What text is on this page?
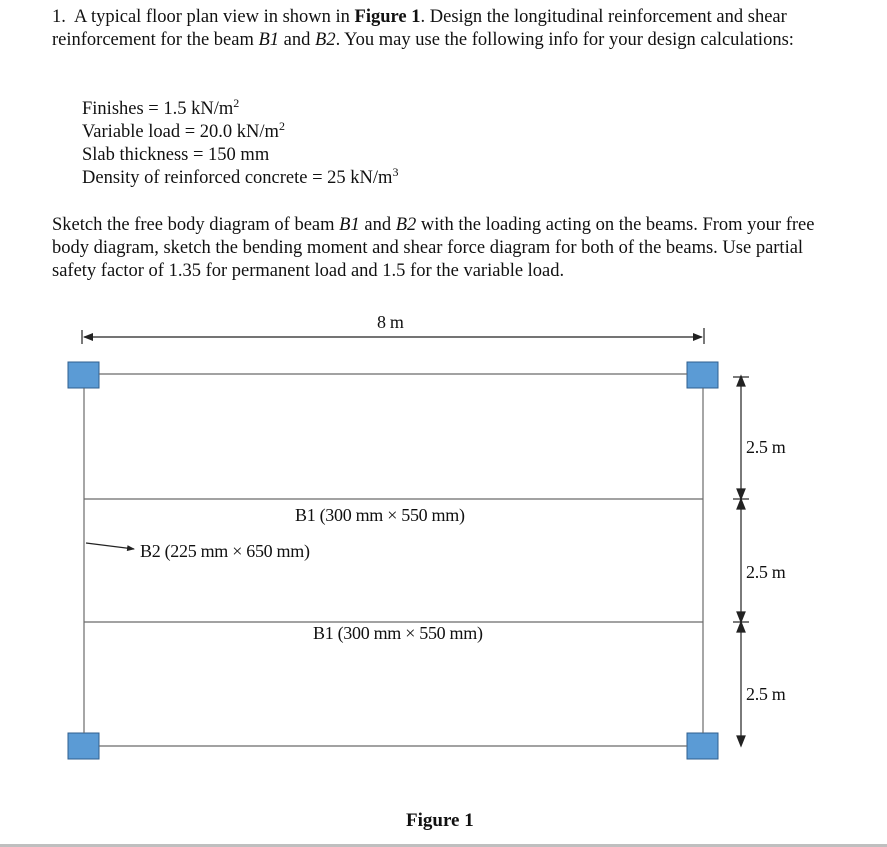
1. A typical floor plan view in shown in Figure 1. Design the longitudinal reinforcement and shear reinforcement for the beam B1 and B2. You may use the following info for your design calculations:

Finishes = 1.5 $kN/m^2$
Variable load = 20.0 $kN/m^2$
Slab thickness = 150 mm
Density of reinforced concrete = 25 $kN/m^3$

Sketch the free body diagram of beam B1 and B2 with the loading acting on the beams. From your free body diagram, sketch the bending moment and shear force diagram for both of the beams. Use partial safety factor of 1.35 for permanent load and 1.5 for the variable load.

8 m
B1 (300 mm × 550 mm)
B2 (225 mm × 650 mm)
B1 (300 mm × 550 mm)
2.5 m
2.5 m
2.5 m
Figure 1
